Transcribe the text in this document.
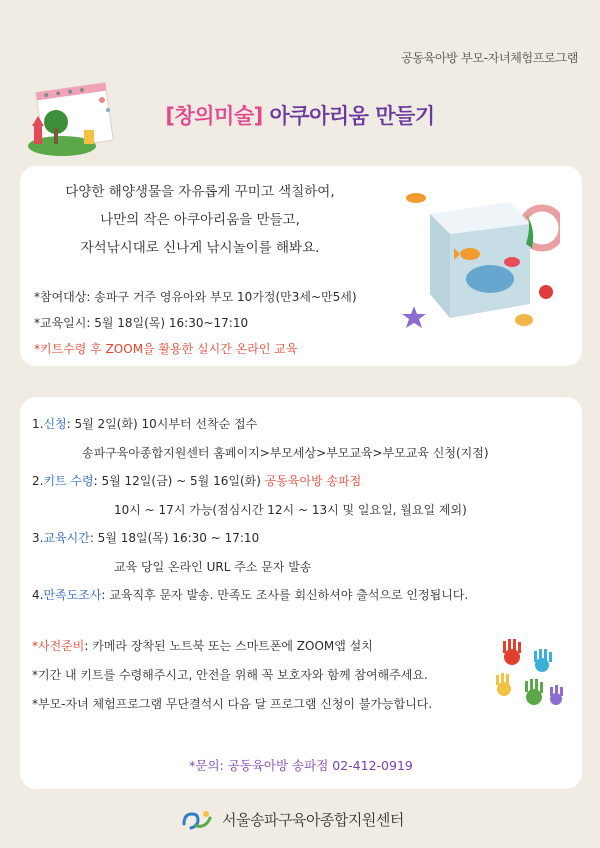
공동육아방 부모-자녀체험프로그램
[창의미술] 아쿠아리움 만들기
다양한 해양생물을 자유롭게 꾸미고 색칠하여,
나만의 작은 아쿠아리움을 만들고,
자석낚시대로 신나게 낚시놀이를 해봐요.
*참여대상: 송파구 거주 영유아와 부모 10가정(만3세~만5세)
*교육일시: 5월 18일(목) 16:30~17:10
*키트수령 후 ZOOM을 활용한 실시간 온라인 교육
1.신청: 5월 2일(화) 10시부터 선착순 접수
송파구육아종합지원센터 홈페이지>부모세상>부모교육>부모교육 신청(지점)
2.키트 수령: 5월 12일(금) ~ 5월 16일(화) 공동육아방 송파점
10시 ~ 17시 가능(점심시간 12시 ~ 13시 및 일요일, 월요일 제외)
3.교육시간: 5월 18일(목) 16:30 ~ 17:10
교육 당일 온라인 URL 주소 문자 발송
4.만족도조사: 교육직후 문자 발송. 만족도 조사를 회신하셔야 출석으로 인정됩니다.
*사전준비: 카메라 장착된 노트북 또는 스마트폰에 ZOOM앱 설치
*기간 내 키트를 수령해주시고, 안전을 위해 꼭 보호자와 함께 참여해주세요.
*부모-자녀 체험프로그램 무단결석시 다음 달 프로그램 신청이 불가능합니다.
*문의: 공동육아방 송파점 02-412-0919
서울송파구육아종합지원센터
